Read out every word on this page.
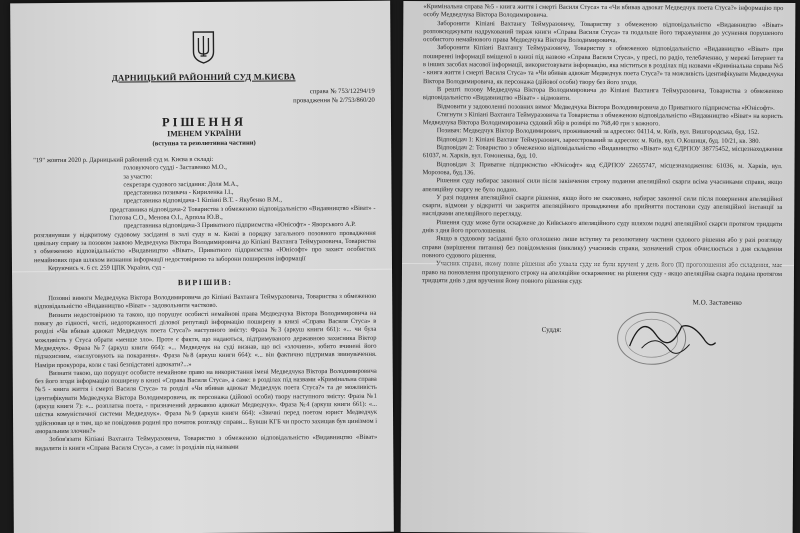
ДАРНИЦЬКИЙ РАЙОННИЙ СУД М.КИЄВА
справа № 753/12294/19
провадження № 2/753/860/20
РІШЕННЯ
ІМЕНЕМ УКРАЇНИ
(вступна та резолютивна частини)
"19" жовтня 2020 р. Дарницький районний суд м. Києва в складі:
головуючого судді - Заставенко М.О.,
за участю:
секретаря судового засідання: Доля М.А.,
представника позивача - Кириленка І.І.,
представника відповідача-1 Кіпіані В.Т. - Якубенко В.М.,
представника відповідача-2 Товариства з обмеженою відповідальністю «Видавництво «Віват» - Глотова С.О., Менова О.І., Арпола Ю.В.,
представника відповідача-3 Приватного підприємства «Юнісофт» - Яворського А.Р.
розглянувши у відкритому судовому засіданні в залі суду в м. Києві в порядку загального позовного провадження цивільну справу за позовом заявою Медведчука Віктора Володимировича до Кіпіані Вахтанга Теймуразовича, Товариства з обмеженою відповідальністю «Видавництво «Віват», Приватного підприємства «Юнісофт» про захист особистих немайнових прав шляхом визнання інформації недостовірною та заборони поширення інформації
Керуючись ч. 6 ст. 259 ЦПК України, суд -
ВИРІШИВ:
Позовні вимоги Медведчука Віктора Володимировича до Кіпіані Вахтанга Теймуразовича, Товариства з обмеженою відповідальністю «Видавництво «Віват» - задовольнити частково.
Визнати недостовірною та такою, що порушує особисті немайнові права Медведчука Віктора Володимировича на повагу до гідності, честі, недоторканності ділової репутації інформацію поширену в книзі «Справа Василя Стуса» в розділі «Чи вбивав адвокат Медведчук поета Стуса?» наступного змісту: Фраза №3 (аркуш книги 661): «... чи була можливість у Стуса обрати «менше зло». Проте є факти, що надаються, підтримуваного державною захисника Віктор Медведчук». Фраза №7 (аркуш книги 664): «... Медведчук на суді визнав, що всі «злочини», юбито вчинені його підзахисним, «заслуговують на покарання». Фраза №8 (аркуш книги 664): «... він фактично підтримав звинувачення. Наміри прокурора, коли є такі безпідставні адвокати?...»
Визнати такою, що порушує особисте немайнове право на використання імені Медведчука Віктора Володимировича без його згоди інформацію поширену в книзі «Справа Василя Стуса», а саме: в розділах під назвами «Кримінальна справа №5 - книга життя і смерті Василя Стуса» та розділі «Чи вбивав адвокат Медведчук поета Стуса?» та де можливість ідентифікувати Медведчука Віктора Володимировича, як персонажа (дійової особи) твору наступного змісту: Фраза №1 (аркуш книги 7): «... розплатна поета, - призначений державою адвокат Медведчук». Фраза №4 (аркуш книги 661): «... шістка комуністичної системи Медведчук». Фраза №9 (аркуш книги 664): «Звичні перед поетом юрист Медведчук здійснював це в тим, що ке повідомив родині про початок розгляду справи... Бувши КГБ чи просто захищав був цинізмом і аморальним злочин?»
Зобов'язати Кіпіані Вахтанга Теймуразовича, Товариство з обмеженою відповідальністю «Видавництво «Віват» видалити із книги «Справа Василя Стуса», а саме: із розділів під назвами
«Кримінальна справа №5 - книга життя і смерті Василя Стуса» та «Чи вбивав адвокат Медведчук поета Стуса?» інформацію про особу Медведчука Віктора Володимировича.
Заборонити Кіпіані Вахтангу Теймуразовичу, Товариству з обмеженою відповідальністю «Видавництво «Віват» розповсюджувати надрукований тираж книги «Справа Василя Стуса» та подальше його тиражування до усунення порушеного особистого немайнового права Медведчука Віктора Володимировича.
Заборонити Кіпіані Вахтангу Теймуразовичу, Товариству з обмеженою відповідальністю «Видавництво «Віват» при поширенні інформації вміщеної в книзі під назвою «Справа Василя Стуса», у пресі, по радіо, телебаченню, у мережі Інтернет та в інших засобах масової інформації, використовувати інформацію, яка міститься в розділах під назвами «Кримінальна справа №5 - книга життя і смерті Василя Стуса» та «Чи вбивав адвокат Медведчук поета Стуса?» та можливість ідентифікувати Медведчука Віктора Володимировича, як персонажа (дійової особи) твору без його згоди.
В решті позову Медведчука Віктора Володимировича до Кіпіані Вахтанга Теймуразовича, Товариства з обмеженою відповідальністю «Видавництво «Віват» - відмовити.
Відмовити у задоволенні позовних вимог Медведчука Віктора Володимировича до Приватного підприємства «Юнісофт».
Стягнути з Кіпіані Вахтанга Теймуразовича та Товариства з обмеженою відповідальністю «Видавництво «Віват» на користь Медведчука Віктора Володимировича судовий збір в розмірі по 768,40 грн з кожного.
Позивач: Медведчук Віктор Володимирович, проживаючий за адресою: 04114, м. Київ, вул. Вишгородська, буд. 152.
Відповідач 1: Кіпіані Вахтанг Теймуразович, зареєстрований за адресою: м. Київ, вул. О.Кошиця, буд. 10/21, кв. 380.
Відповідач 2: Товариство з обмеженою відповідальністю «Видавництво «Віват» код ЄДРПОУ 38775452, місцезнаходження 61037, м. Харків, вул. Гомоненка, буд. 10.
Відповідач 3: Приватне підприємство «Юнісофт» код ЄДРПОУ 22655747, місцезнаходження: 61036, м. Харків, вул. Морозова, буд.136.
Рішення суду набирає законної сили після закінчення строку подання апеляційної скарги всіма учасниками справи, якщо апеляційну скаргу не було подано.
У разі подання апеляційної скарги рішення, якщо його не скасовано, набирає законної сили після повернення апеляційної скарги, відмови у відкритті чи закриття апеляційного провадження або прийняття постанови суду апеляційної інстанції за наслідками апеляційного перегляду.
Рішення суду може бути оскаржене до Київського апеляційного суду шляхом подачі апеляційної скарги протягом тридцяти днів з дня його проголошення.
Якщо в судовому засіданні було оголошено лише вступну та резолютивну частини судового рішення або у разі розгляду справи (вирішення питання) без повідомлення (виклику) учасників справи, зазначений строк обчислюється з дня складення повного судового рішення.
Учасник справи, якому повне рішення або ухвала суду не були вручені у день його (її) проголошення або складення, має право на поновлення пропущеного строку на апеляційне оскарження: на рішення суду - якщо апеляційна скарга подана протягом тридцяти днів з дня вручення йому повного рішення суду.
М.О. Заставенко
Суддя:
